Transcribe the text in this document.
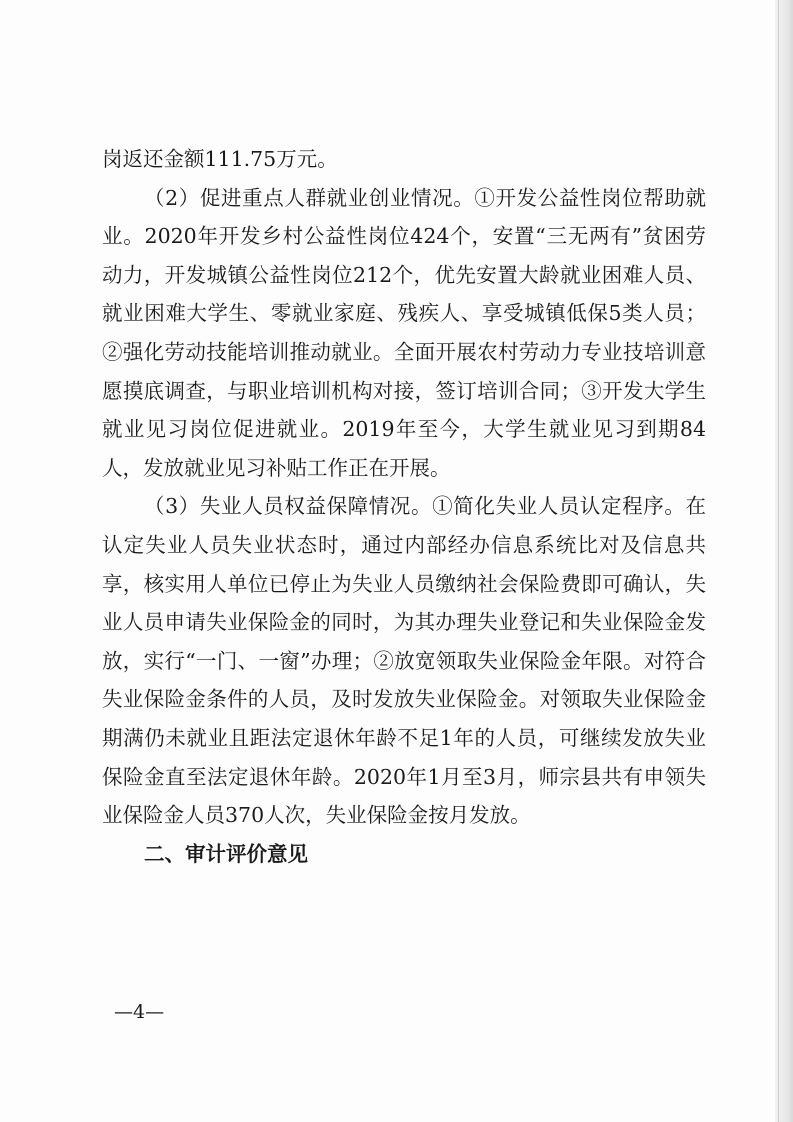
岗返还金额111.75万元。

（2）促进重点人群就业创业情况。①开发公益性岗位帮助就业。2020年开发乡村公益性岗位424个，安置“三无两有”贫困劳动力，开发城镇公益性岗位212个，优先安置大龄就业困难人员、就业困难大学生、零就业家庭、残疾人、享受城镇低保5类人员；②强化劳动技能培训推动就业。全面开展农村劳动力专业技培训意愿摸底调查，与职业培训机构对接，签订培训合同；③开发大学生就业见习岗位促进就业。2019年至今，大学生就业见习到期84人，发放就业见习补贴工作正在开展。

（3）失业人员权益保障情况。①简化失业人员认定程序。在认定失业人员失业状态时，通过内部经办信息系统比对及信息共享，核实用人单位已停止为失业人员缴纳社会保险费即可确认，失业人员申请失业保险金的同时，为其办理失业登记和失业保险金发放，实行“一门、一窗”办理；②放宽领取失业保险金年限。对符合失业保险金条件的人员，及时发放失业保险金。对领取失业保险金期满仍未就业且距法定退休年龄不足1年的人员，可继续发放失业保险金直至法定退休年龄。2020年1月至3月，师宗县共有申领失业保险金人员370人次，失业保险金按月发放。

二、审计评价意见

—4—
